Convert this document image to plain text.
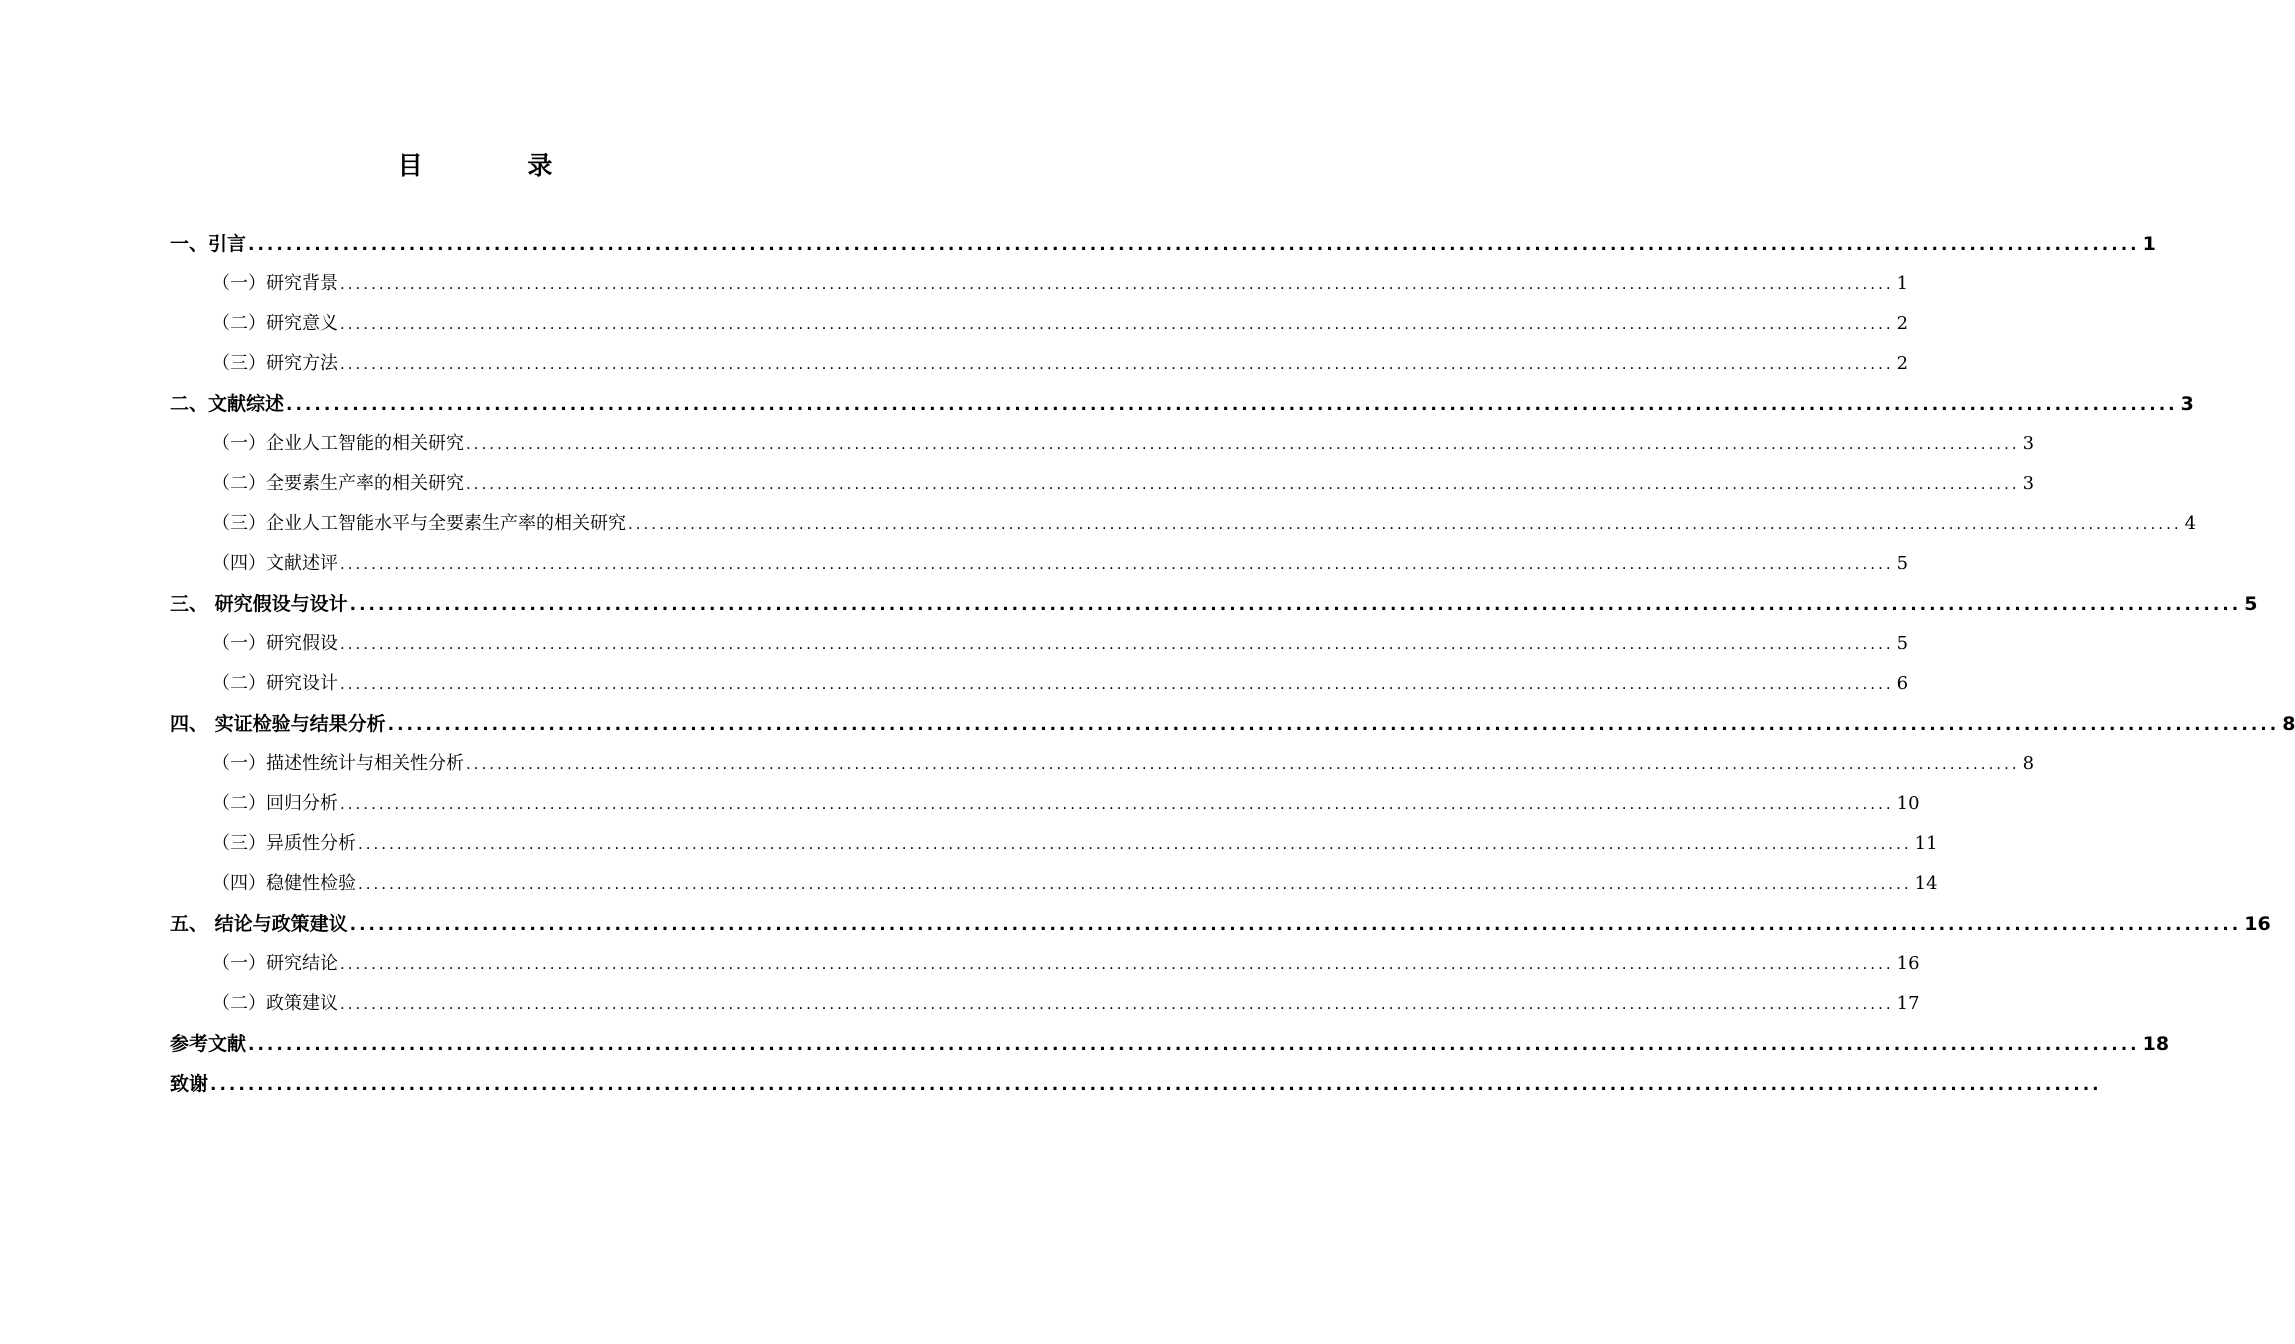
目 录
一、引言 ........................................................................................................................................................................................................ 1
（一）研究背景 ........................................................................................................................................................................................................ 1
（二）研究意义 ........................................................................................................................................................................................................ 2
（三）研究方法 ........................................................................................................................................................................................................ 2
二、文献综述 ........................................................................................................................................................................................................ 3
（一）企业人工智能的相关研究 ........................................................................................................................................................................................................ 3
（二）全要素生产率的相关研究 ........................................................................................................................................................................................................ 3
（三）企业人工智能水平与全要素生产率的相关研究 ........................................................................................................................................................................................................ 4
（四）文献述评 ........................................................................................................................................................................................................ 5
三、 研究假设与设计 ........................................................................................................................................................................................................ 5
（一）研究假设 ........................................................................................................................................................................................................ 5
（二）研究设计 ........................................................................................................................................................................................................ 6
四、 实证检验与结果分析 ........................................................................................................................................................................................................ 8
（一）描述性统计与相关性分析 ........................................................................................................................................................................................................ 8
（二）回归分析 ........................................................................................................................................................................................................ 10
（三）异质性分析 ........................................................................................................................................................................................................ 11
（四）稳健性检验 ........................................................................................................................................................................................................ 14
五、 结论与政策建议 ........................................................................................................................................................................................................ 16
（一）研究结论 ........................................................................................................................................................................................................ 16
（二）政策建议 ........................................................................................................................................................................................................ 17
参考文献 ........................................................................................................................................................................................................ 18
致谢 ........................................................................................................................................................................................................
